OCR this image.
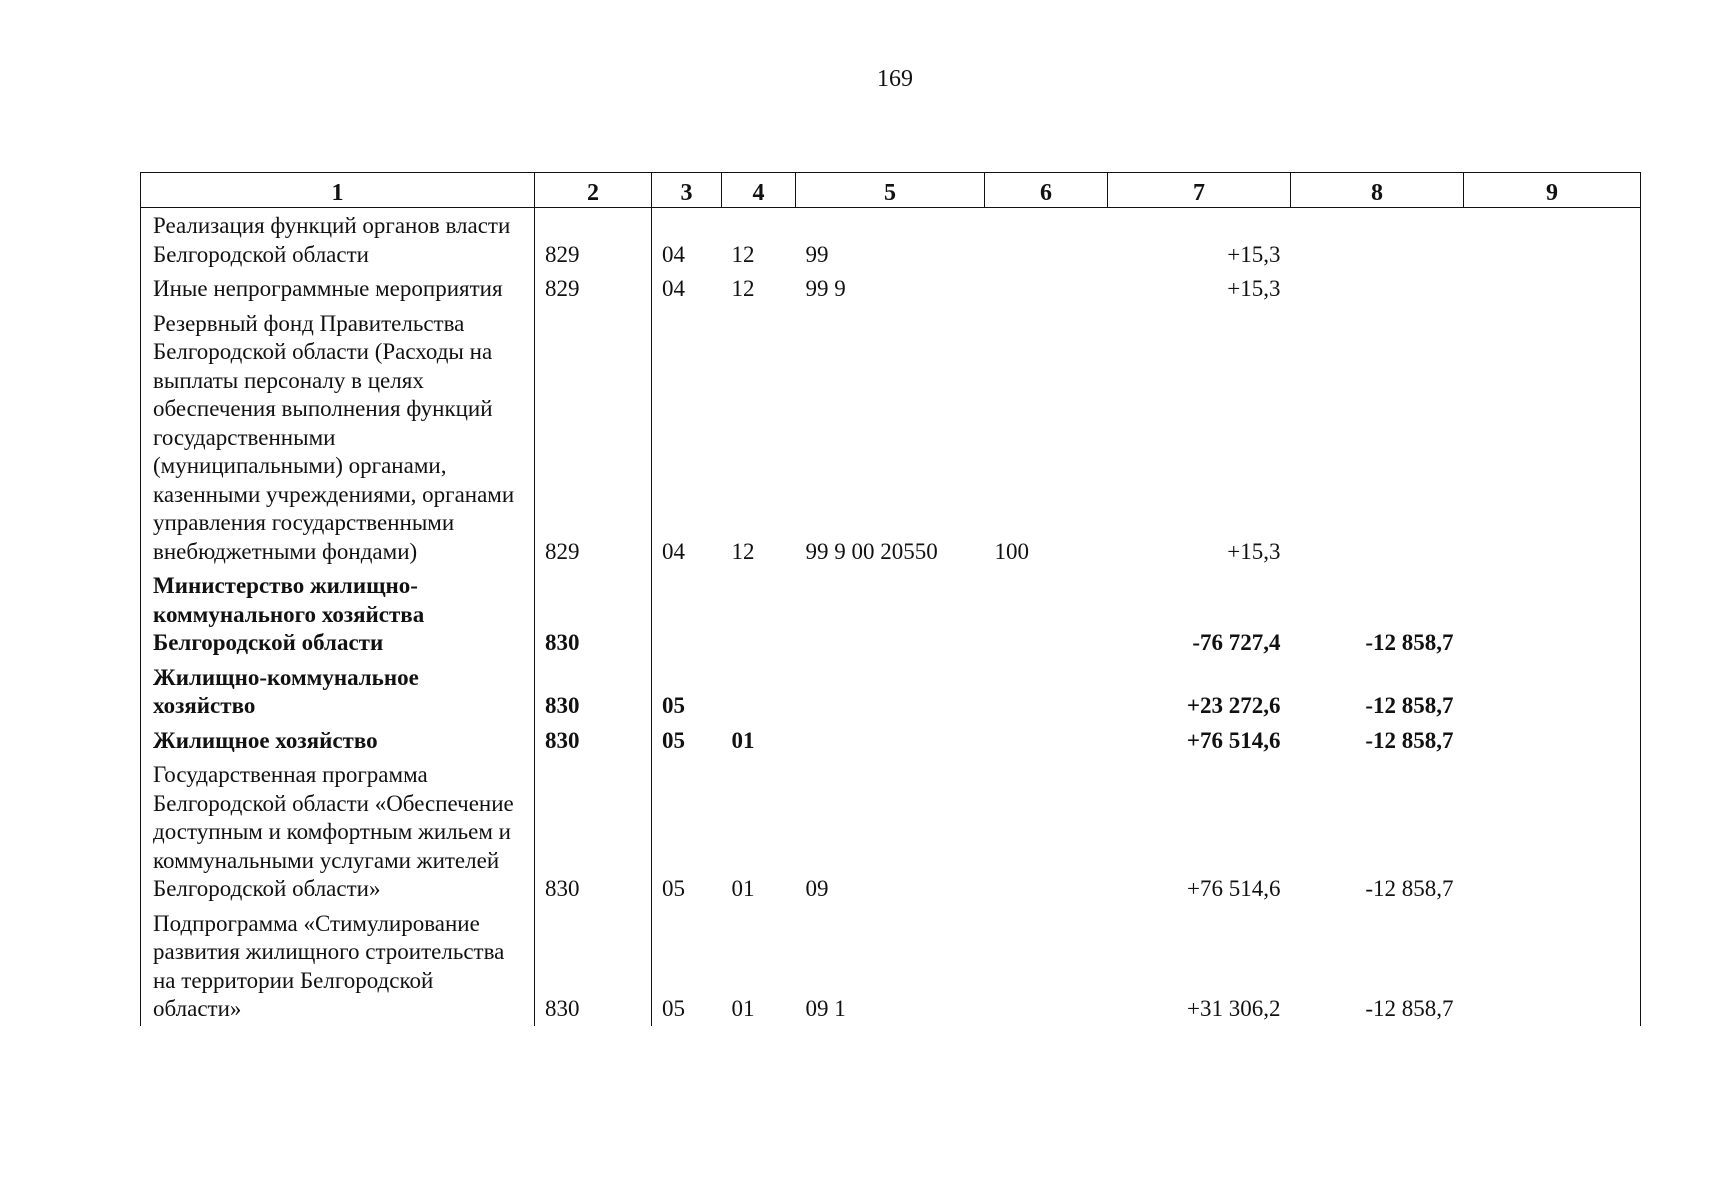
169
1	2	3	4	5	6	7	8	9
Реализация функций органов власти Белгородской области	829	04	12	99		+15,3		
Иные непрограммные мероприятия	829	04	12	99 9		+15,3		
Резервный фонд Правительства Белгородской области (Расходы на выплаты персоналу в целях обеспечения выполнения функций государственными (муниципальными) органами, казенными учреждениями, органами управления государственными внебюджетными фондами)	829	04	12	99 9 00 20550	100	+15,3		
Министерство жилищно-коммунального хозяйства Белгородской области	830					-76 727,4	-12 858,7	
Жилищно-коммунальное хозяйство	830	05				+23 272,6	-12 858,7	
Жилищное хозяйство	830	05	01			+76 514,6	-12 858,7	
Государственная программа Белгородской области «Обеспечение доступным и комфортным жильем и коммунальными услугами жителей Белгородской области»	830	05	01	09		+76 514,6	-12 858,7	
Подпрограмма «Стимулирование развития жилищного строительства на территории Белгородской области»	830	05	01	09 1		+31 306,2	-12 858,7	
